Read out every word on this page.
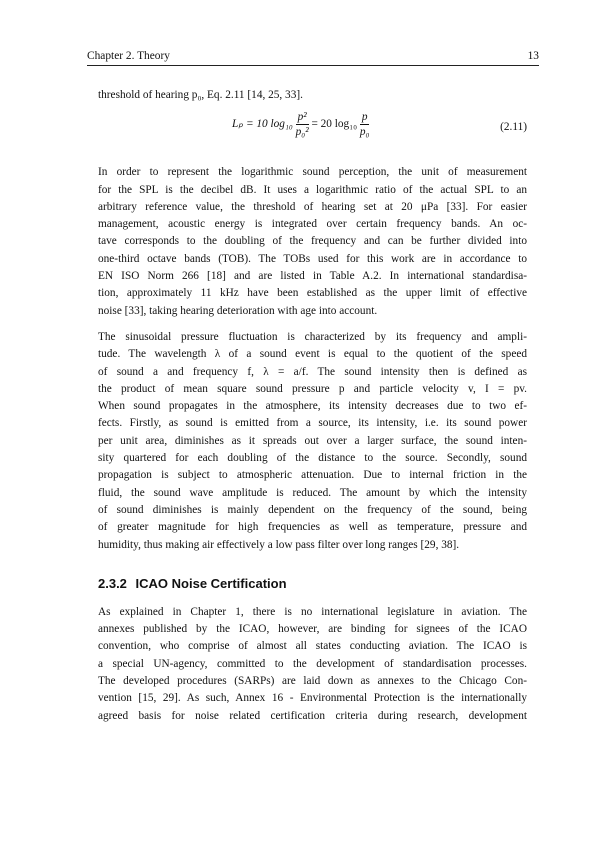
Chapter 2. Theory	13

threshold of hearing p₀, Eq. 2.11 [14, 25, 33].

Lₚ = 10 $\log_{10} \frac{\text{p²}}{\text{p₀²}} = 20$ $\log_{10} \frac{p}{\text{p₀}}$	(2.11)

In order to represent the logarithmic sound perception, the unit of measurement
for the SPL is the decibel dB. It uses a logarithmic ratio of the actual SPL to an
arbitrary reference value, the threshold of hearing set at 20 μPa [33]. For easier
management, acoustic energy is integrated over certain frequency bands. An oc-
tave corresponds to the doubling of the frequency and can be further divided into
one-third octave bands (TOB). The TOBs used for this work are in accordance to
EN ISO Norm 266 [18] and are listed in Table A.2. In international standardisa-
tion, approximately 11 kHz have been established as the upper limit of effective
noise [33], taking hearing deterioration with age into account.

The sinusoidal pressure fluctuation is characterized by its frequency and ampli-
tude. The wavelength λ of a sound event is equal to the quotient of the speed
of sound a and frequency f, λ = a/f. The sound intensity then is defined as
the product of mean square sound pressure p and particle velocity v, I = pv.
When sound propagates in the atmosphere, its intensity decreases due to two ef-
fects. Firstly, as sound is emitted from a source, its intensity, i.e. its sound power
per unit area, diminishes as it spreads out over a larger surface, the sound inten-
sity quartered for each doubling of the distance to the source. Secondly, sound
propagation is subject to atmospheric attenuation. Due to internal friction in the
fluid, the sound wave amplitude is reduced. The amount by which the intensity
of sound diminishes is mainly dependent on the frequency of the sound, being
of greater magnitude for high frequencies as well as temperature, pressure and
humidity, thus making air effectively a low pass filter over long ranges [29, 38].

2.3.2 ICAO Noise Certification

As explained in Chapter 1, there is no international legislature in aviation. The
annexes published by the ICAO, however, are binding for signees of the ICAO
convention, who comprise of almost all states conducting aviation. The ICAO is
a special UN-agency, committed to the development of standardisation processes.
The developed procedures (SARPs) are laid down as annexes to the Chicago Con-
vention [15, 29]. As such, Annex 16 - Environmental Protection is the internationally
agreed basis for noise related certification criteria during research, development
